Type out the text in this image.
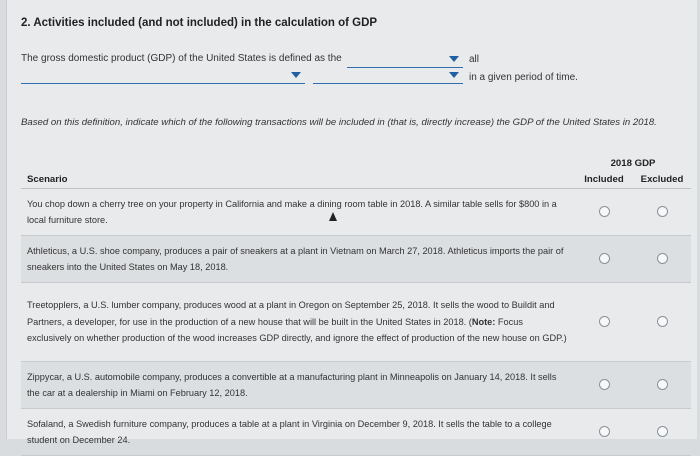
2. Activities included (and not included) in the calculation of GDP
The gross domestic product (GDP) of the United States is defined as the	all
in a given period of time.
Based on this definition, indicate which of the following transactions will be included in (that is, directly increase) the GDP of the United States in 2018.
	2018 GDP	
Scenario	Included	Excluded
You chop down a cherry tree on your property in California and make a dining room table in 2018. A similar table sells for $800 in a local furniture store.		
Athleticus, a U.S. shoe company, produces a pair of sneakers at a plant in Vietnam on March 27, 2018. Athleticus imports the pair of sneakers into the United States on May 18, 2018.		
Treetopplers, a U.S. lumber company, produces wood at a plant in Oregon on September 25, 2018. It sells the wood to Buildit and Partners, a developer, for use in the production of a new house that will be built in the United States in 2018. (Note: Focus exclusively on whether production of the wood increases GDP directly, and ignore the effect of production of the new house on GDP.)		
Zippycar, a U.S. automobile company, produces a convertible at a manufacturing plant in Minneapolis on January 14, 2018. It sells the car at a dealership in Miami on February 12, 2018.		
Sofaland, a Swedish furniture company, produces a table at a plant in Virginia on December 9, 2018. It sells the table to a college student on December 24.		
